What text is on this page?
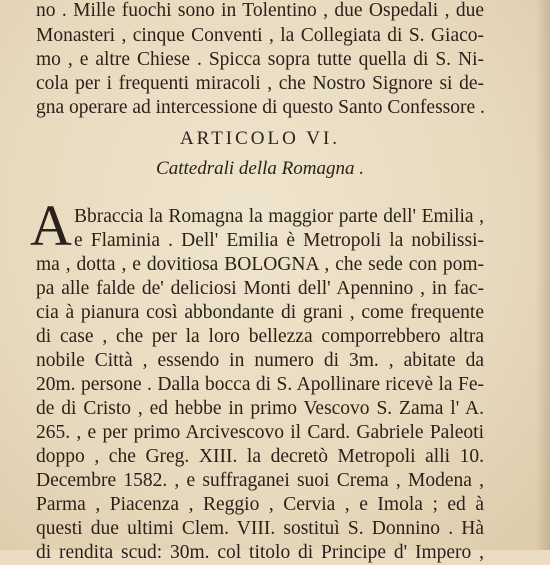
no . Mille fuochi sono in Tolentino , due Ospedali , due
Monasteri , cinque Conventi , la Collegiata di S. Giaco-
mo , e altre Chiese . Spicca sopra tutte quella di S. Ni-
cola per i frequenti miracoli , che Nostro Signore si de-
gna operare ad intercessione di questo Santo Confessore .
ARTICOLO VI.
Cattedrali della Romagna .
A Bbraccia la Romagna la maggior parte dell' Emilia ,
e Flaminia . Dell' Emilia è Metropoli la nobilissi-
ma , dotta , e dovitiosa BOLOGNA , che sede con pom-
pa alle falde de' deliciosi Monti dell' Apennino , in fac-
cia à pianura così abbondante di grani , come frequente
di case , che per la loro bellezza comporrebbero altra
nobile Città , essendo in numero di 3m. , abitate da
20m. persone . Dalla bocca di S. Apollinare ricevè la Fe-
de di Cristo , ed hebbe in primo Vescovo S. Zama l' A.
265. , e per primo Arcivescovo il Card. Gabriele Paleoti
doppo , che Greg. XIII. la decretò Metropoli alli 10.
Decembre 1582. , e suffraganei suoi Crema , Modena ,
Parma , Piacenza , Reggio , Cervia , e Imola ; ed à
questi due ultimi Clem. VIII. sostituì S. Donnino . Hà
di rendita scud: 30m. col titolo di Principe d' Impero ,
